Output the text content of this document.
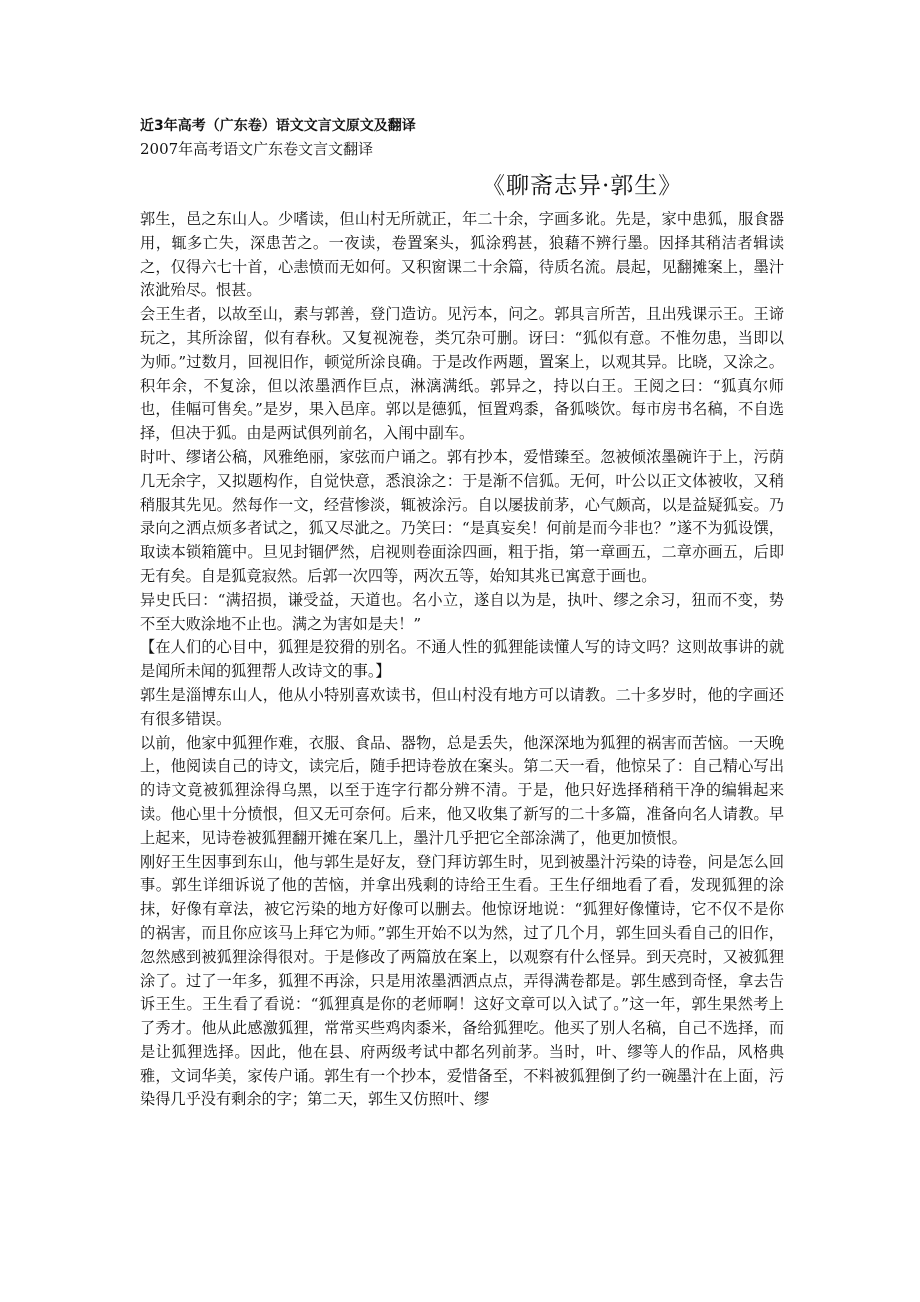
近3年高考（广东卷）语文文言文原文及翻译

2007年高考语文广东卷文言文翻译

《聊斋志异·郭生》

郭生，邑之东山人。少嗜读，但山村无所就正，年二十余，字画多讹。先是，家中患狐，服食器用，辄多亡失，深患苦之。一夜读，卷置案头，狐涂鸦甚，狼藉不辨行墨。因择其稍洁者辑读之，仅得六七十首，心恚愤而无如何。又积窗课二十余篇，待质名流。晨起，见翻摊案上，墨汁浓泚殆尽。恨甚。

会王生者，以故至山，素与郭善，登门造访。见污本，问之。郭具言所苦，且出残课示王。王谛玩之，其所涂留，似有春秋。又复视涴卷，类冗杂可删。讶曰：“狐似有意。不惟勿患，当即以为师。”过数月，回视旧作，顿觉所涂良确。于是改作两题，置案上，以观其异。比晓，又涂之。积年余，不复涂，但以浓墨洒作巨点，淋漓满纸。郭异之，持以白王。王阅之曰：“狐真尔师也，佳幅可售矣。”是岁，果入邑庠。郭以是德狐，恒置鸡黍，备狐啖饮。每市房书名稿，不自选择，但决于狐。由是两试俱列前名，入闱中副车。

时叶、缪诸公稿，风雅绝丽，家弦而户诵之。郭有抄本，爱惜臻至。忽被倾浓墨碗许于上，污荫几无余字，又拟题构作，自觉快意，悉浪涂之：于是渐不信狐。无何，叶公以正文体被收，又稍稍服其先见。然每作一文，经营惨淡，辄被涂污。自以屡拔前茅，心气颇高，以是益疑狐妄。乃录向之洒点烦多者试之，狐又尽泚之。乃笑曰：“是真妄矣！何前是而今非也？”遂不为狐设馔，取读本锁箱簏中。旦见封锢俨然，启视则卷面涂四画，粗于指，第一章画五，二章亦画五，后即无有矣。自是狐竟寂然。后郭一次四等，两次五等，始知其兆已寓意于画也。

异史氏曰：“满招损，谦受益，天道也。名小立，遂自以为是，执叶、缪之余习，狃而不变，势不至大败涂地不止也。满之为害如是夫！”

【在人们的心目中，狐狸是狡猾的别名。不通人性的狐狸能读懂人写的诗文吗？这则故事讲的就是闻所未闻的狐狸帮人改诗文的事。】

郭生是淄博东山人，他从小特别喜欢读书，但山村没有地方可以请教。二十多岁时，他的字画还有很多错误。

以前，他家中狐狸作难，衣服、食品、器物，总是丢失，他深深地为狐狸的祸害而苦恼。一天晚上，他阅读自己的诗文，读完后，随手把诗卷放在案头。第二天一看，他惊呆了：自己精心写出的诗文竟被狐狸涂得乌黑，以至于连字行都分辨不清。于是，他只好选择稍稍干净的编辑起来读。他心里十分愤恨，但又无可奈何。后来，他又收集了新写的二十多篇，准备向名人请教。早上起来，见诗卷被狐狸翻开摊在案几上，墨汁几乎把它全部涂满了，他更加愤恨。

刚好王生因事到东山，他与郭生是好友，登门拜访郭生时，见到被墨汁污染的诗卷，问是怎么回事。郭生详细诉说了他的苦恼，并拿出残剩的诗给王生看。王生仔细地看了看，发现狐狸的涂抹，好像有章法，被它污染的地方好像可以删去。他惊讶地说：“狐狸好像懂诗，它不仅不是你的祸害，而且你应该马上拜它为师。”郭生开始不以为然，过了几个月，郭生回头看自己的旧作，忽然感到被狐狸涂得很对。于是修改了两篇放在案上，以观察有什么怪异。到天亮时，又被狐狸涂了。过了一年多，狐狸不再涂，只是用浓墨洒洒点点，弄得满卷都是。郭生感到奇怪，拿去告诉王生。王生看了看说：“狐狸真是你的老师啊！这好文章可以入试了。”这一年，郭生果然考上了秀才。他从此感激狐狸，常常买些鸡肉黍米，备给狐狸吃。他买了别人名稿，自己不选择，而是让狐狸选择。因此，他在县、府两级考试中都名列前茅。当时，叶、缪等人的作品，风格典雅，文词华美，家传户诵。郭生有一个抄本，爱惜备至，不料被狐狸倒了约一碗墨汁在上面，污染得几乎没有剩余的字；第二天，郭生又仿照叶、缪
